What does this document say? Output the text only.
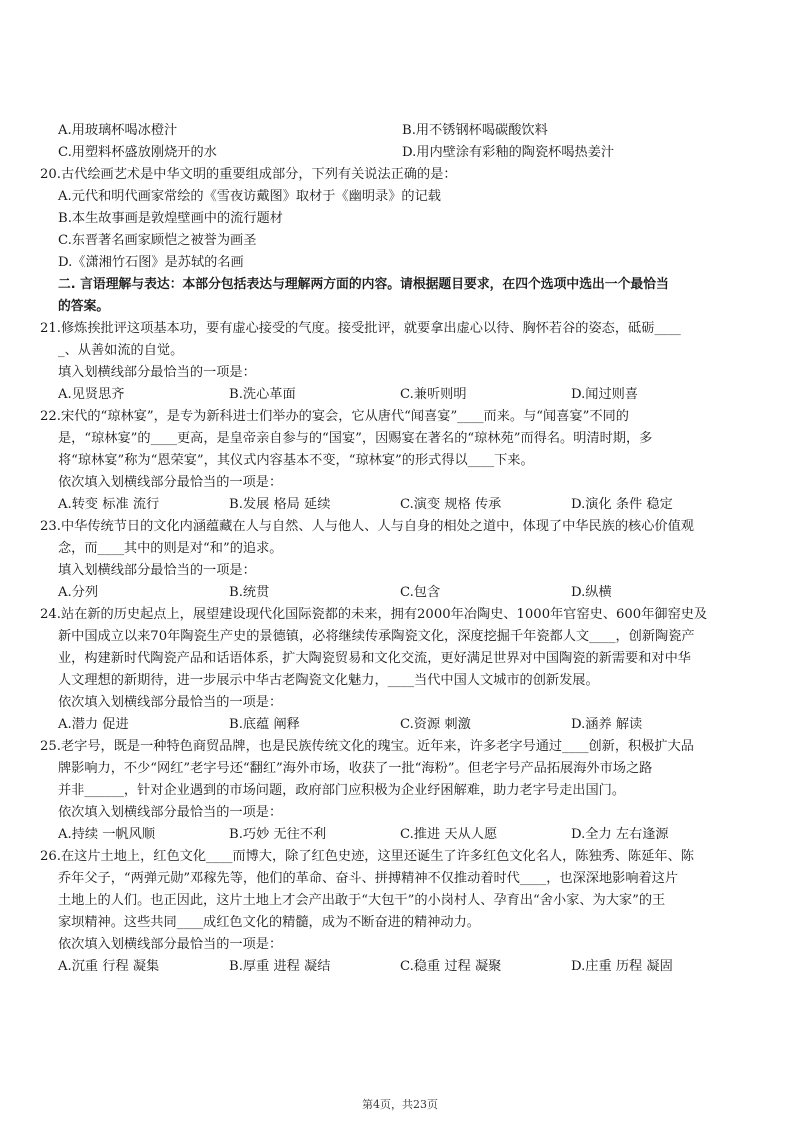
A.用玻璃杯喝冰橙汁	B.用不锈钢杯喝碳酸饮料
C.用塑料杯盛放刚烧开的水	D.用内壁涂有彩釉的陶瓷杯喝热姜汁
20.古代绘画艺术是中华文明的重要组成部分，下列有关说法正确的是：
A.元代和明代画家常绘的《雪夜访戴图》取材于《幽明录》的记载
B.本生故事画是敦煌壁画中的流行题材
C.东晋著名画家顾恺之被誉为画圣
D.《潇湘竹石图》是苏轼的名画
二. 言语理解与表达：本部分包括表达与理解两方面的内容。请根据题目要求，在四个选项中选出一个最恰当
的答案。
21.修炼挨批评这项基本功，要有虚心接受的气度。接受批评，就要拿出虚心以待、胸怀若谷的姿态，砥砺____
_、从善如流的自觉。
填入划横线部分最恰当的一项是：
A.见贤思齐	B.洗心革面	C.兼听则明	D.闻过则喜
22.宋代的“琼林宴”，是专为新科进士们举办的宴会，它从唐代“闻喜宴”____而来。与“闻喜宴”不同的
是，“琼林宴”的____更高，是皇帝亲自参与的“国宴”，因赐宴在著名的“琼林苑”而得名。明清时期，多
将“琼林宴”称为“恩荣宴”，其仪式内容基本不变，“琼林宴”的形式得以____下来。
依次填入划横线部分最恰当的一项是：
A.转变 标准 流行	B.发展 格局 延续	C.演变 规格 传承	D.演化 条件 稳定
23.中华传统节日的文化内涵蕴藏在人与自然、人与他人、人与自身的相处之道中，体现了中华民族的核心价值观
念，而____其中的则是对“和”的追求。
填入划横线部分最恰当的一项是：
A.分列	B.统贯	C.包含	D.纵横
24.站在新的历史起点上，展望建设现代化国际瓷都的未来，拥有2000年冶陶史、1000年官窑史、600年御窑史及
新中国成立以来70年陶瓷生产史的景德镇，必将继续传承陶瓷文化，深度挖掘千年瓷都人文____，创新陶瓷产
业，构建新时代陶瓷产品和话语体系，扩大陶瓷贸易和文化交流，更好满足世界对中国陶瓷的新需要和对中华
人文理想的新期待，进一步展示中华古老陶瓷文化魅力，____当代中国人文城市的创新发展。
依次填入划横线部分最恰当的一项是：
A.潜力 促进	B.底蕴 阐释	C.资源 刺激	D.涵养 解读
25.老字号，既是一种特色商贸品牌，也是民族传统文化的瑰宝。近年来，许多老字号通过____创新，积极扩大品
牌影响力，不少“网红”老字号还“翻红”海外市场，收获了一批“海粉”。但老字号产品拓展海外市场之路
并非______，针对企业遇到的市场问题，政府部门应积极为企业纾困解难，助力老字号走出国门。
依次填入划横线部分最恰当的一项是：
A.持续 一帆风顺	B.巧妙 无往不利	C.推进 天从人愿	D.全力 左右逢源
26.在这片土地上，红色文化____而博大，除了红色史迹，这里还诞生了许多红色文化名人，陈独秀、陈延年、陈
乔年父子，“两弹元勋”邓稼先等，他们的革命、奋斗、拼搏精神不仅推动着时代____，也深深地影响着这片
土地上的人们。也正因此，这片土地上才会产出敢于“大包干”的小岗村人、孕育出“舍小家、为大家”的王
家坝精神。这些共同____成红色文化的精髓，成为不断奋进的精神动力。
依次填入划横线部分最恰当的一项是：
A.沉重 行程 凝集	B.厚重 进程 凝结	C.稳重 过程 凝聚	D.庄重 历程 凝固
第4页，共23页
